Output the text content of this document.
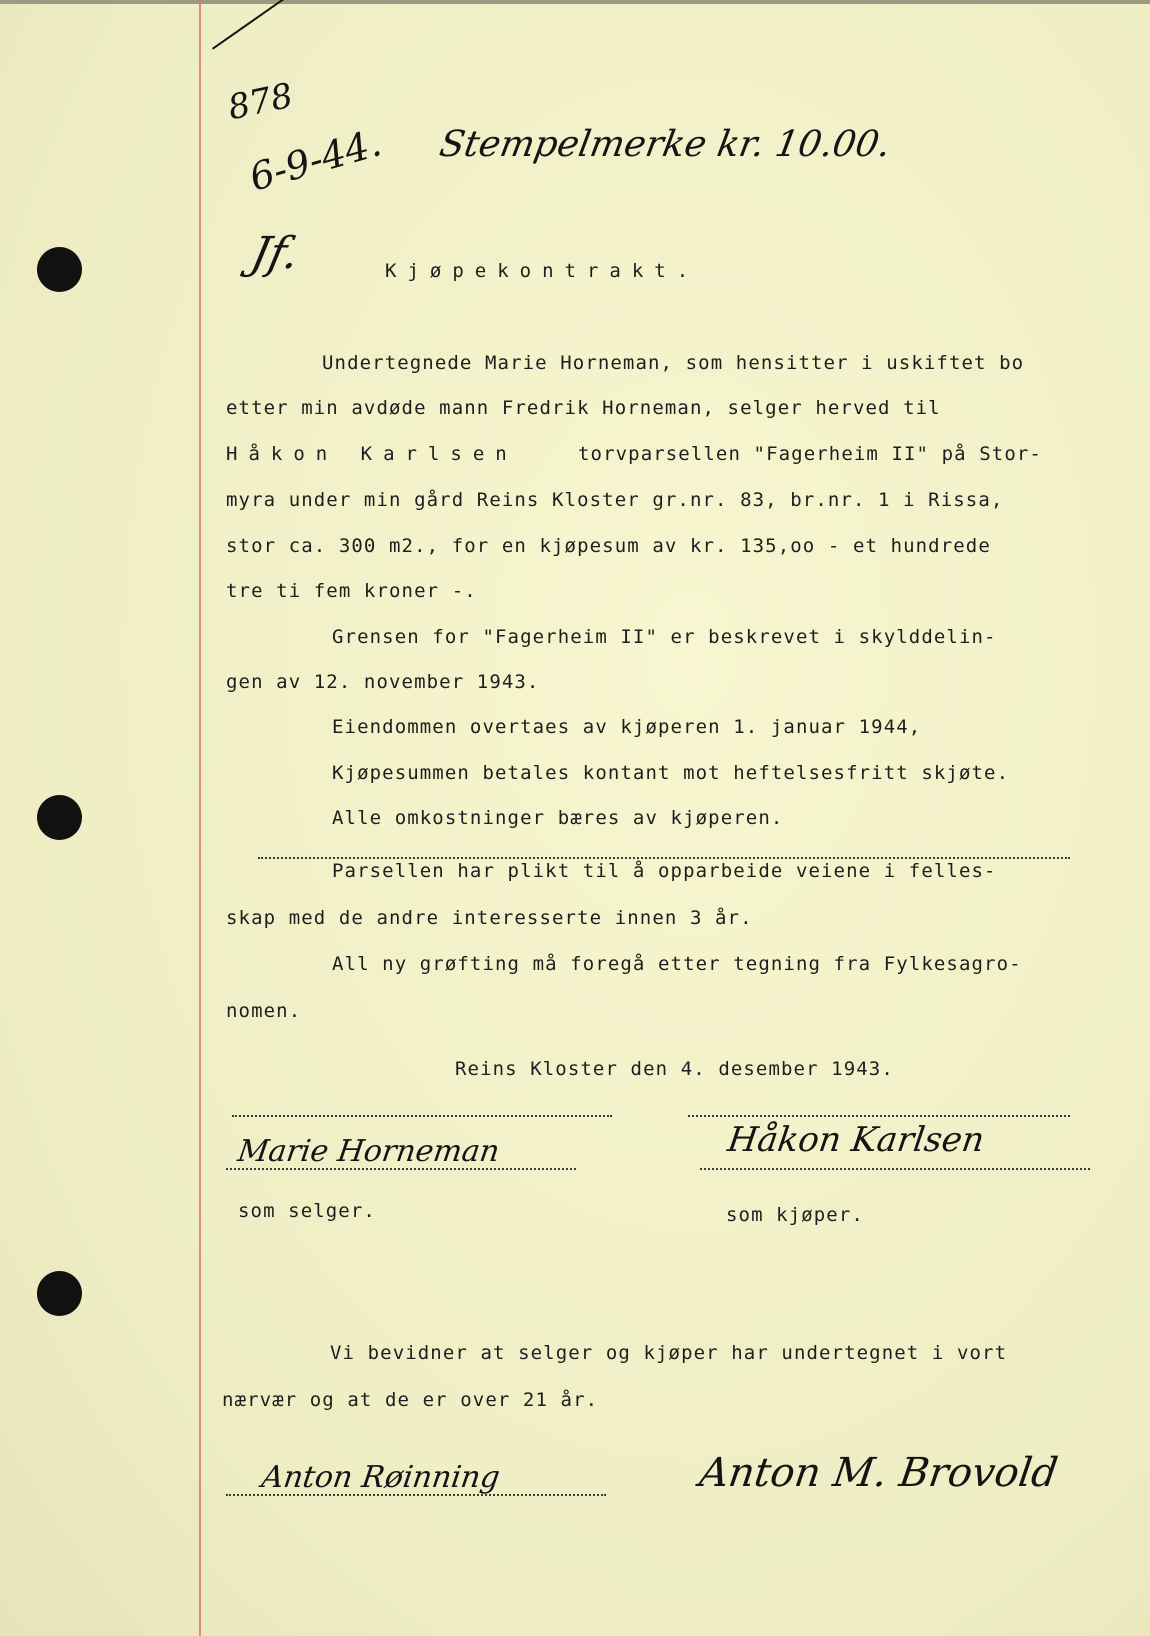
878
6-9-44. Stempelmerke kr. 10.00.
Jf.	Kjøpekontrakt.
Undertegnede Marie Horneman, som hensitter i uskiftet bo
etter min avdøde mann Fredrik Horneman, selger herved til
Håkon Karlsen	torvparsellen "Fagerheim II" på Stor-
myra under min gård Reins Kloster gr.nr. 83, br.nr. 1 i Rissa,
stor ca. 300 m2., for en kjøpesum av kr. 135,oo - et hundrede
tre ti fem kroner -.
Grensen for "Fagerheim II" er beskrevet i skylddelin-
gen av 12. november 1943.
Eiendommen overtaes av kjøperen 1. januar 1944,
Kjøpesummen betales kontant mot heftelsesfritt skjøte.
Alle omkostninger bæres av kjøperen.
Parsellen har plikt til å opparbeide veiene i felles-
skap med de andre interesserte innen 3 år.
All ny grøfting må foregå etter tegning fra Fylkesagro-
nomen.
Reins Kloster den 4. desember 1943.
Marie Horneman	Håkon Karlsen
som selger.	som kjøper.
Vi bevidner at selger og kjøper har undertegnet i vort
nærvær og at de er over 21 år.
Anton Røinning	Anton M. Brovold
